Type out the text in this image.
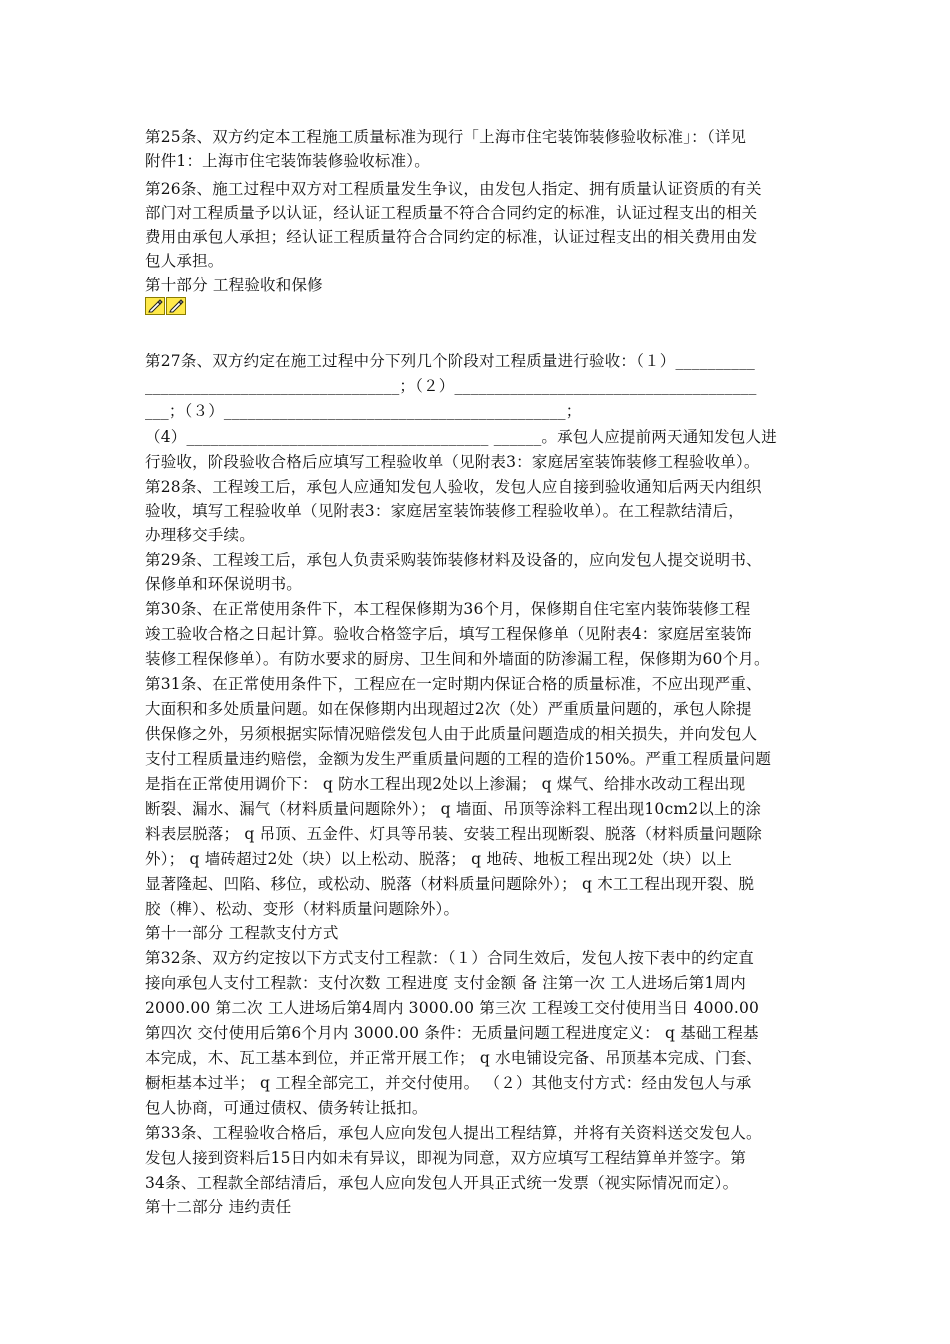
第25条、双方约定本工程施工质量标准为现行「上海市住宅装饰装修验收标准」：（详见
附件1：上海市住宅装饰装修验收标准）。
第26条、施工过程中双方对工程质量发生争议，由发包人指定、拥有质量认证资质的有关
部门对工程质量予以认证，经认证工程质量不符合合同约定的标准，认证过程支出的相关
费用由承包人承担；经认证工程质量符合合同约定的标准，认证过程支出的相关费用由发
包人承担。
第十部分 工程验收和保修
第27条、双方约定在施工过程中分下列几个阶段对工程质量进行验收：（１）__________
________________________________；（２）______________________________________
___；（３）___________________________________________；
（4）______________________________________ ______。承包人应提前两天通知发包人进
行验收，阶段验收合格后应填写工程验收单（见附表3：家庭居室装饰装修工程验收单）。
第28条、工程竣工后，承包人应通知发包人验收，发包人应自接到验收通知后两天内组织
验收，填写工程验收单（见附表3：家庭居室装饰装修工程验收单）。在工程款结清后，
办理移交手续。
第29条、工程竣工后，承包人负责采购装饰装修材料及设备的，应向发包人提交说明书、
保修单和环保说明书。
第30条、在正常使用条件下，本工程保修期为36个月，保修期自住宅室内装饰装修工程
竣工验收合格之日起计算。验收合格签字后，填写工程保修单（见附表4：家庭居室装饰
装修工程保修单）。有防水要求的厨房、卫生间和外墙面的防渗漏工程，保修期为60个月。
第31条、在正常使用条件下，工程应在一定时期内保证合格的质量标准，不应出现严重、
大面积和多处质量问题。如在保修期内出现超过2次（处）严重质量问题的，承包人除提
供保修之外，另须根据实际情况赔偿发包人由于此质量问题造成的相关损失，并向发包人
支付工程质量违约赔偿，金额为发生严重质量问题的工程的造价150%。严重工程质量问题
是指在正常使用调价下： q 防水工程出现2处以上渗漏； q 煤气、给排水改动工程出现
断裂、漏水、漏气（材料质量问题除外）； q 墙面、吊顶等涂料工程出现10cm2以上的涂
料表层脱落； q 吊顶、五金件、灯具等吊装、安装工程出现断裂、脱落（材料质量问题除
外）； q 墙砖超过2处（块）以上松动、脱落； q 地砖、地板工程出现2处（块）以上
显著隆起、凹陷、移位，或松动、脱落（材料质量问题除外）； q 木工工程出现开裂、脱
胶（榫）、松动、变形（材料质量问题除外）。
第十一部分 工程款支付方式
第32条、双方约定按以下方式支付工程款：（１）合同生效后，发包人按下表中的约定直
接向承包人支付工程款：支付次数 工程进度 支付金额 备 注第一次 工人进场后第1周内
2000.00 第二次 工人进场后第4周内 3000.00 第三次 工程竣工交付使用当日 4000.00
第四次 交付使用后第6个月内 3000.00 条件：无质量问题工程进度定义： q 基础工程基
本完成，木、瓦工基本到位，并正常开展工作； q 水电铺设完备、吊顶基本完成、门套、
橱柜基本过半； q 工程全部完工，并交付使用。 （２）其他支付方式：经由发包人与承
包人协商，可通过债权、债务转让抵扣。
第33条、工程验收合格后，承包人应向发包人提出工程结算，并将有关资料送交发包人。
发包人接到资料后15日内如未有异议，即视为同意，双方应填写工程结算单并签字。第
34条、工程款全部结清后，承包人应向发包人开具正式统一发票（视实际情况而定）。
第十二部分 违约责任
